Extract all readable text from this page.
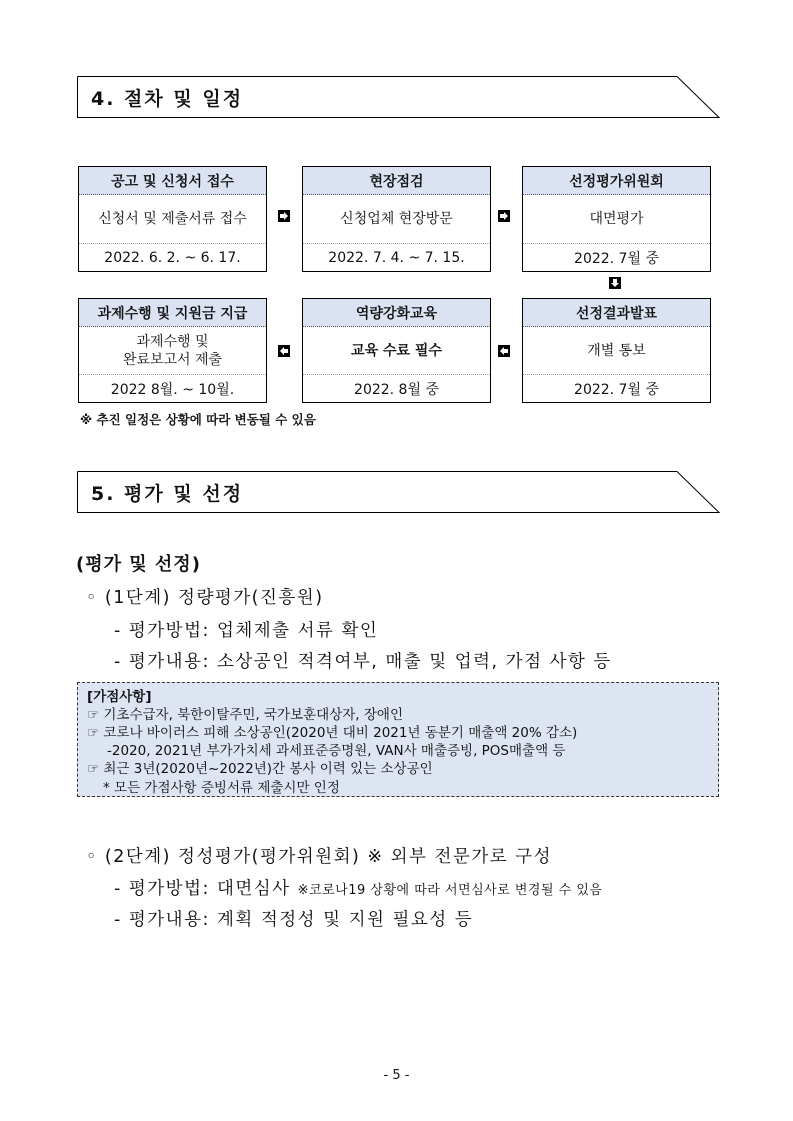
4. 절차 및 일정
공고 및 신청서 접수
신청서 및 제출서류 접수
2022. 6. 2. ~ 6. 17.
현장점검
신청업체 현장방문
2022. 7. 4. ~ 7. 15.
선정평가위원회
대면평가
2022. 7월 중
과제수행 및 지원금 지급
과제수행 및
완료보고서 제출
2022 8월. ~ 10월.
역량강화교육
교육 수료 필수
2022. 8월 중
선정결과발표
개별 통보
2022. 7월 중
※ 추진 일정은 상황에 따라 변동될 수 있음
5. 평가 및 선정
(평가 및 선정)
◦ (1단계) 정량평가(진흥원)
- 평가방법: 업체제출 서류 확인
- 평가내용: 소상공인 적격여부, 매출 및 업력, 가점 사항 등
[가점사항]
☞ 기초수급자, 북한이탈주민, 국가보훈대상자, 장애인
☞ 코로나 바이러스 피해 소상공인(2020년 대비 2021년 동분기 매출액 20% 감소)
-2020, 2021년 부가가치세 과세표준증명원, VAN사 매출증빙, POS매출액 등
☞ 최근 3년(2020년~2022년)간 봉사 이력 있는 소상공인
* 모든 가점사항 증빙서류 제출시만 인정
◦ (2단계) 정성평가(평가위원회) ※ 외부 전문가로 구성
- 평가방법: 대면심사 ※코로나19 상황에 따라 서면심사로 변경될 수 있음
- 평가내용: 계획 적정성 및 지원 필요성 등
- 5 -
